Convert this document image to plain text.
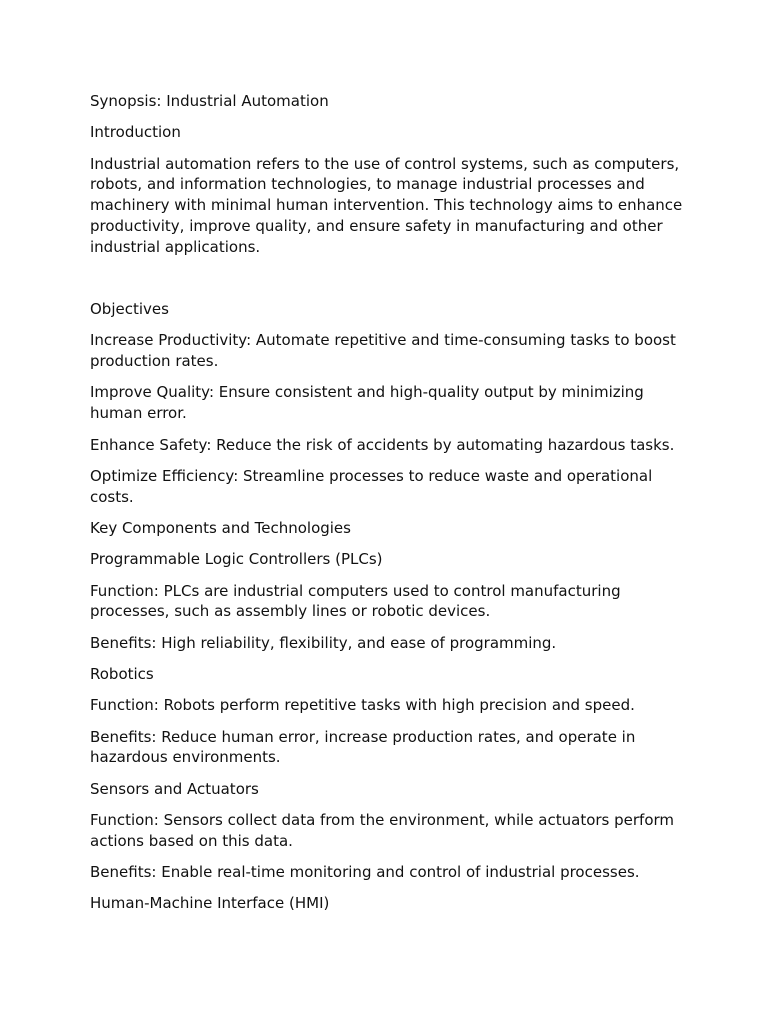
Synopsis: Industrial Automation

Introduction

Industrial automation refers to the use of control systems, such as computers, robots, and information technologies, to manage industrial processes and machinery with minimal human intervention. This technology aims to enhance productivity, improve quality, and ensure safety in manufacturing and other industrial applications.

Objectives

Increase Productivity: Automate repetitive and time-consuming tasks to boost production rates.

Improve Quality: Ensure consistent and high-quality output by minimizing human error.

Enhance Safety: Reduce the risk of accidents by automating hazardous tasks.

Optimize Efficiency: Streamline processes to reduce waste and operational costs.

Key Components and Technologies

Programmable Logic Controllers (PLCs)

Function: PLCs are industrial computers used to control manufacturing processes, such as assembly lines or robotic devices.

Benefits: High reliability, flexibility, and ease of programming.

Robotics

Function: Robots perform repetitive tasks with high precision and speed.

Benefits: Reduce human error, increase production rates, and operate in hazardous environments.

Sensors and Actuators

Function: Sensors collect data from the environment, while actuators perform actions based on this data.

Benefits: Enable real-time monitoring and control of industrial processes.

Human-Machine Interface (HMI)
